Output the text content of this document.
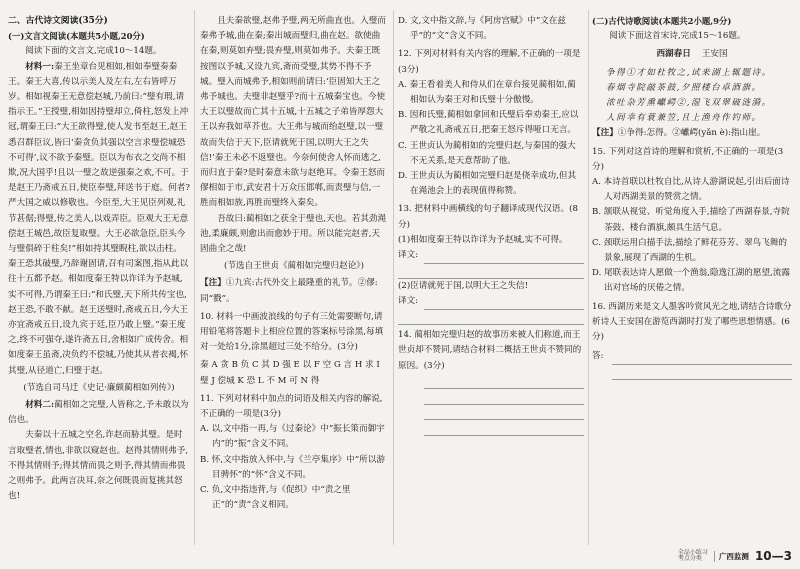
二、古代诗文阅读(35分)
(一)文言文阅读(本题共5小题,20分)

阅读下面的文言文,完成10～14题。

材料一:秦王坐章台见相如,相如奉璧奏秦王。秦王大喜,传以示美人及左右,左右皆呼万岁。相如视秦王无意偿赵城,乃前曰:“璧有瑕,请指示王。”王授璧,相如因持璧却立,倚柱,怒发上冲冠,谓秦王曰:“大王欲得璧,使人发书至赵王,赵王悉召群臣议,皆曰‘秦贪负其强以空言求璧偿城恐不可得’,议不欲予秦璧。臣以为布衣之交尚不相欺,况大国乎!且以一璧之故逆强秦之欢,不可。于是赵王乃斋戒五日,使臣奉璧,拜送书于庭。何者?严大国之威以修敬也。今臣至,大王见臣列观,礼节甚倨;得璧,传之美人,以戏弄臣。臣观大王无意偿赵王城邑,故臣复取璧。大王必欲急臣,臣头今与璧俱碎于柱矣!”相如持其璧睨柱,欲以击柱。秦王恐其破璧,乃辞谢固请,召有司案图,指从此以往十五都予赵。相如度秦王特以诈详为予赵城,实不可得,乃谓秦王曰:“和氏璧,天下所共传宝也,赵王恐,不敢不献。赵王送璧时,斋戒五日,今大王亦宜斋戒五日,设九宾于廷,臣乃敢上璧。”秦王度之,终不可强夺,遂许斋五日,舍相如广成传舍。相如度秦王虽斋,决负约不偿城,乃使其从者衣褐,怀其璧,从径道亡,归璧于赵。

(节选自司马迁《史记·廉颇蔺相如列传》)

材料二:蔺相如之完璧,人皆称之,予未敢以为信也。

夫秦以十五城之空名,诈赵而胁其璧。是时言取璧者,情也,非欲以窥赵也。赵得其情则弗予,不得其情则予;得其情而畏之则予,得其情而弗畏之则弗予。此两言决耳,奈之何既畏而复挑其怒也!

且夫秦欲璧,赵弗予璧,两无所曲直也。入璧而秦弗予城,曲在秦;秦出城而璧归,曲在赵。欲使曲在秦,则莫如弃璧;畏弃璧,则莫如弗予。夫秦王既按图以予城,又设九宾,斋而受璧,其势不得不予城。璧入而城弗予,相如则前请曰:‘臣固知大王之弗予城也。夫璧非赵璧乎?而十五城秦宝也。今使大王以璧故而亡其十五城,十五城之子弟皆厚怨大王以弃我如草芥也。大王弗与城而绐赵璧,以一璧故而失信于天下,臣请就死于国,以明大王之失信!’秦王未必不返璧也。今奈何使舍人怀而逃之,而归直于秦?是时秦意未欲与赵绝耳。令秦王怒而僇相如于市,武安君十万众压邯郸,而责璧与信,一胜而相如族,再胜而璧终入秦矣。

吾故曰:蔺相如之获全于璧也,天也。若其劲渑池,柔廉颇,则愈出而愈妙于用。所以能完赵者,天固曲全之哉!

(节选自王世贞《蔺相如完璧归赵论》)
【注】①九宾:古代外交上最隆重的礼节。②僇:同“戮”。
10. 材料一中画波浪线的句子有三处需要断句,请用铅笔将答题卡上相应位置的答案标号涂黑,每填对一处给1分,涂黑超过三处不给分。(3分)
秦 A 贪 B 负 C 其 D 强 E 以 F 空 G 言 H 求 I 璧 J 偿城 K 恐 L 不 M 可 N 得
11. 下列对材料中加点的词语及相关内容的解说,不正确的一项是(3分)
A. 以,文中指一再,与《过秦论》中“振长策而御宇内”的“振”含义不同。
B. 怀,文中指放入怀中,与《兰亭集序》中“所以游目骋怀”的“怀”含义不同。
C. 负,文中指违背,与《促织》中“责之里正”的“责”含义相同。
D. 文,文中指文辞,与《阿房宫赋》中“文在兹乎”的“文”含义不同。
12. 下列对材料有关内容的理解,不正确的一项是(3分)
A. 秦王看着美人和侍从们在章台接见蔺相如,蔺相如认为秦王对和氏璧十分傲慢。
B. 因和氏璧,蔺相如拿回和氏璧后奉劝秦王,应以严敬之礼斋戒五日,把秦王怒斥得哑口无言。
C. 王世贞认为蔺相如的完璧归赵,与秦国的强大不无关系,是天意帮助了他。
D. 王世贞认为蔺相如完璧归赵是侥幸成功,但其在渑池会上的表现值得称赞。
13. 把材料中画横线的句子翻译成现代汉语。(8分)
(1)相如度秦王特以诈详为予赵城,实不可得。
译文:
(2)臣请就死于国,以明大王之失信!
译文:
14. 蔺相如完璧归赵的故事历来被人们称道,而王世贞却不赞同,请结合材料二概括王世贞不赞同的原因。(3分)
(二)古代诗歌阅读(本题共2小题,9分)

阅读下面这首宋诗,完成15～16题。

西湖春日 王安国
争得①才如杜牧之,试来湖上辄题诗。
春烟寺院敲茶鼓,夕照楼台卓酒旗。
浓吐杂芳熏巘崿②,湿飞双翠破涟漪。
人间幸有蓑兼笠,且上渔舟作钓师。
【注】①争得:怎得。②巘崿(yǎn è):指山崖。
15. 下列对这首诗的理解和赏析,不正确的一项是(3分)
A. 本诗首联以杜牧自比,从诗人游湖说起,引出后面诗人对西湖美景的赞赏之情。
B. 颔联从视觉、听觉角度入手,描绘了西湖春景,寺院茶鼓、楼台酒旗,颇具生活气息。
C. 颈联运用白描手法,描绘了鲜花芬芳、翠鸟飞舞的景象,展现了西湖的生机。
D. 尾联表达诗人愿做一个渔翁,隐逸江湖的愿望,流露出对官场的厌倦之情。
16. 西湖历来是文人墨客吟赏风光之地,请结合诗歌分析诗人王安国在游览西湖时打发了哪些思想情感。(6分)
答:
全品小练习
考点分类	广西监测 10—3
